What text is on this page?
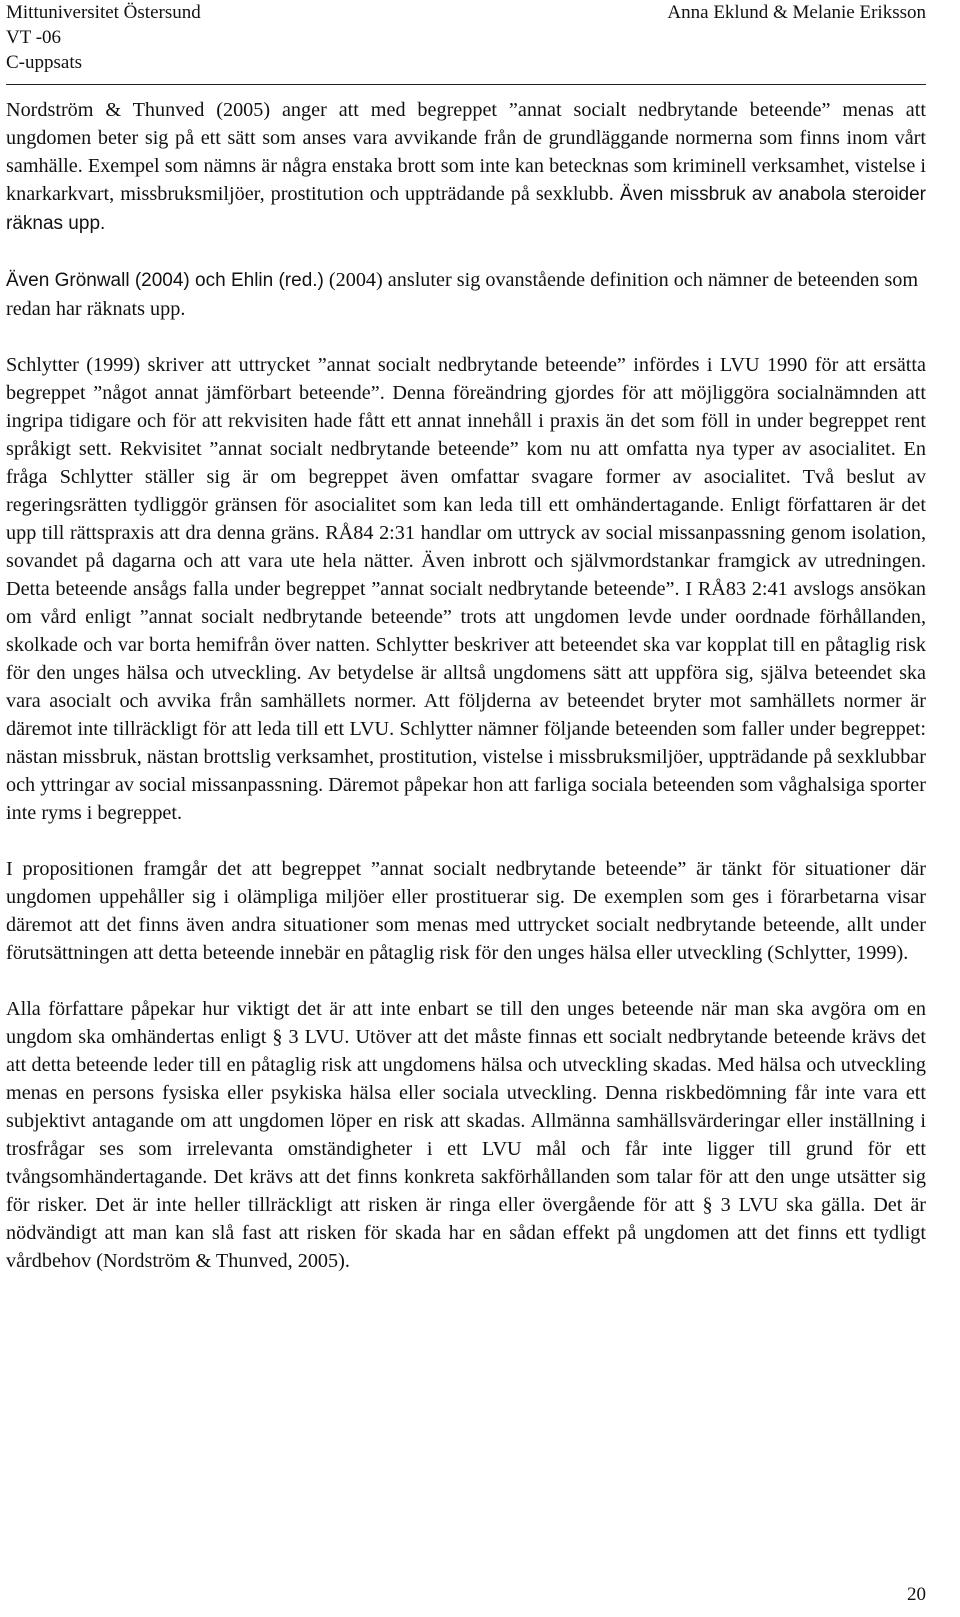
Mittuniversitet Östersund
VT -06
C-uppsats
Anna Eklund & Melanie Eriksson

Nordström & Thunved (2005) anger att med begreppet ”annat socialt nedbrytande beteende” menas att ungdomen beter sig på ett sätt som anses vara avvikande från de grundläggande normerna som finns inom vårt samhälle. Exempel som nämns är några enstaka brott som inte kan betecknas som kriminell verksamhet, vistelse i knarkarkvart, missbruksmiljöer, prostitution och uppträdande på sexklubb. Även missbruk av anabola steroider räknas upp.

Även Grönwall (2004) och Ehlin (red.) (2004) ansluter sig ovanstående definition och nämner de beteenden som redan har räknats upp.

Schlytter (1999) skriver att uttrycket ”annat socialt nedbrytande beteende” infördes i LVU 1990 för att ersätta begreppet ”något annat jämförbart beteende”. Denna föreändring gjordes för att möjliggöra socialnämnden att ingripa tidigare och för att rekvisiten hade fått ett annat innehåll i praxis än det som föll in under begreppet rent språkigt sett. Rekvisitet ”annat socialt nedbrytande beteende” kom nu att omfatta nya typer av asocialitet. En fråga Schlytter ställer sig är om begreppet även omfattar svagare former av asocialitet. Två beslut av regeringsrätten tydliggör gränsen för asocialitet som kan leda till ett omhändertagande. Enligt författaren är det upp till rättspraxis att dra denna gräns. RÅ84 2:31 handlar om uttryck av social missanpassning genom isolation, sovandet på dagarna och att vara ute hela nätter. Även inbrott och självmordstankar framgick av utredningen. Detta beteende ansågs falla under begreppet ”annat socialt nedbrytande beteende”. I RÅ83 2:41 avslogs ansökan om vård enligt ”annat socialt nedbrytande beteende” trots att ungdomen levde under oordnade förhållanden, skolkade och var borta hemifrån över natten. Schlytter beskriver att beteendet ska var kopplat till en påtaglig risk för den unges hälsa och utveckling. Av betydelse är alltså ungdomens sätt att uppföra sig, själva beteendet ska vara asocialt och avvika från samhällets normer. Att följderna av beteendet bryter mot samhällets normer är däremot inte tillräckligt för att leda till ett LVU. Schlytter nämner följande beteenden som faller under begreppet: nästan missbruk, nästan brottslig verksamhet, prostitution, vistelse i missbruksmiljöer, uppträdande på sexklubbar och yttringar av social missanpassning. Däremot påpekar hon att farliga sociala beteenden som våghalsiga sporter inte ryms i begreppet.

I propositionen framgår det att begreppet ”annat socialt nedbrytande beteende” är tänkt för situationer där ungdomen uppehåller sig i olämpliga miljöer eller prostituerar sig. De exemplen som ges i förarbetarna visar däremot att det finns även andra situationer som menas med uttrycket socialt nedbrytande beteende, allt under förutsättningen att detta beteende innebär en påtaglig risk för den unges hälsa eller utveckling (Schlytter, 1999).

Alla författare påpekar hur viktigt det är att inte enbart se till den unges beteende när man ska avgöra om en ungdom ska omhändertas enligt § 3 LVU. Utöver att det måste finnas ett socialt nedbrytande beteende krävs det att detta beteende leder till en påtaglig risk att ungdomens hälsa och utveckling skadas. Med hälsa och utveckling menas en persons fysiska eller psykiska hälsa eller sociala utveckling. Denna riskbedömning får inte vara ett subjektivt antagande om att ungdomen löper en risk att skadas. Allmänna samhällsvärderingar eller inställning i trosfrågar ses som irrelevanta omständigheter i ett LVU mål och får inte ligger till grund för ett tvångsomhändertagande. Det krävs att det finns konkreta sakförhållanden som talar för att den unge utsätter sig för risker. Det är inte heller tillräckligt att risken är ringa eller övergående för att § 3 LVU ska gälla. Det är nödvändigt att man kan slå fast att risken för skada har en sådan effekt på ungdomen att det finns ett tydligt vårdbehov (Nordström & Thunved, 2005).

20
